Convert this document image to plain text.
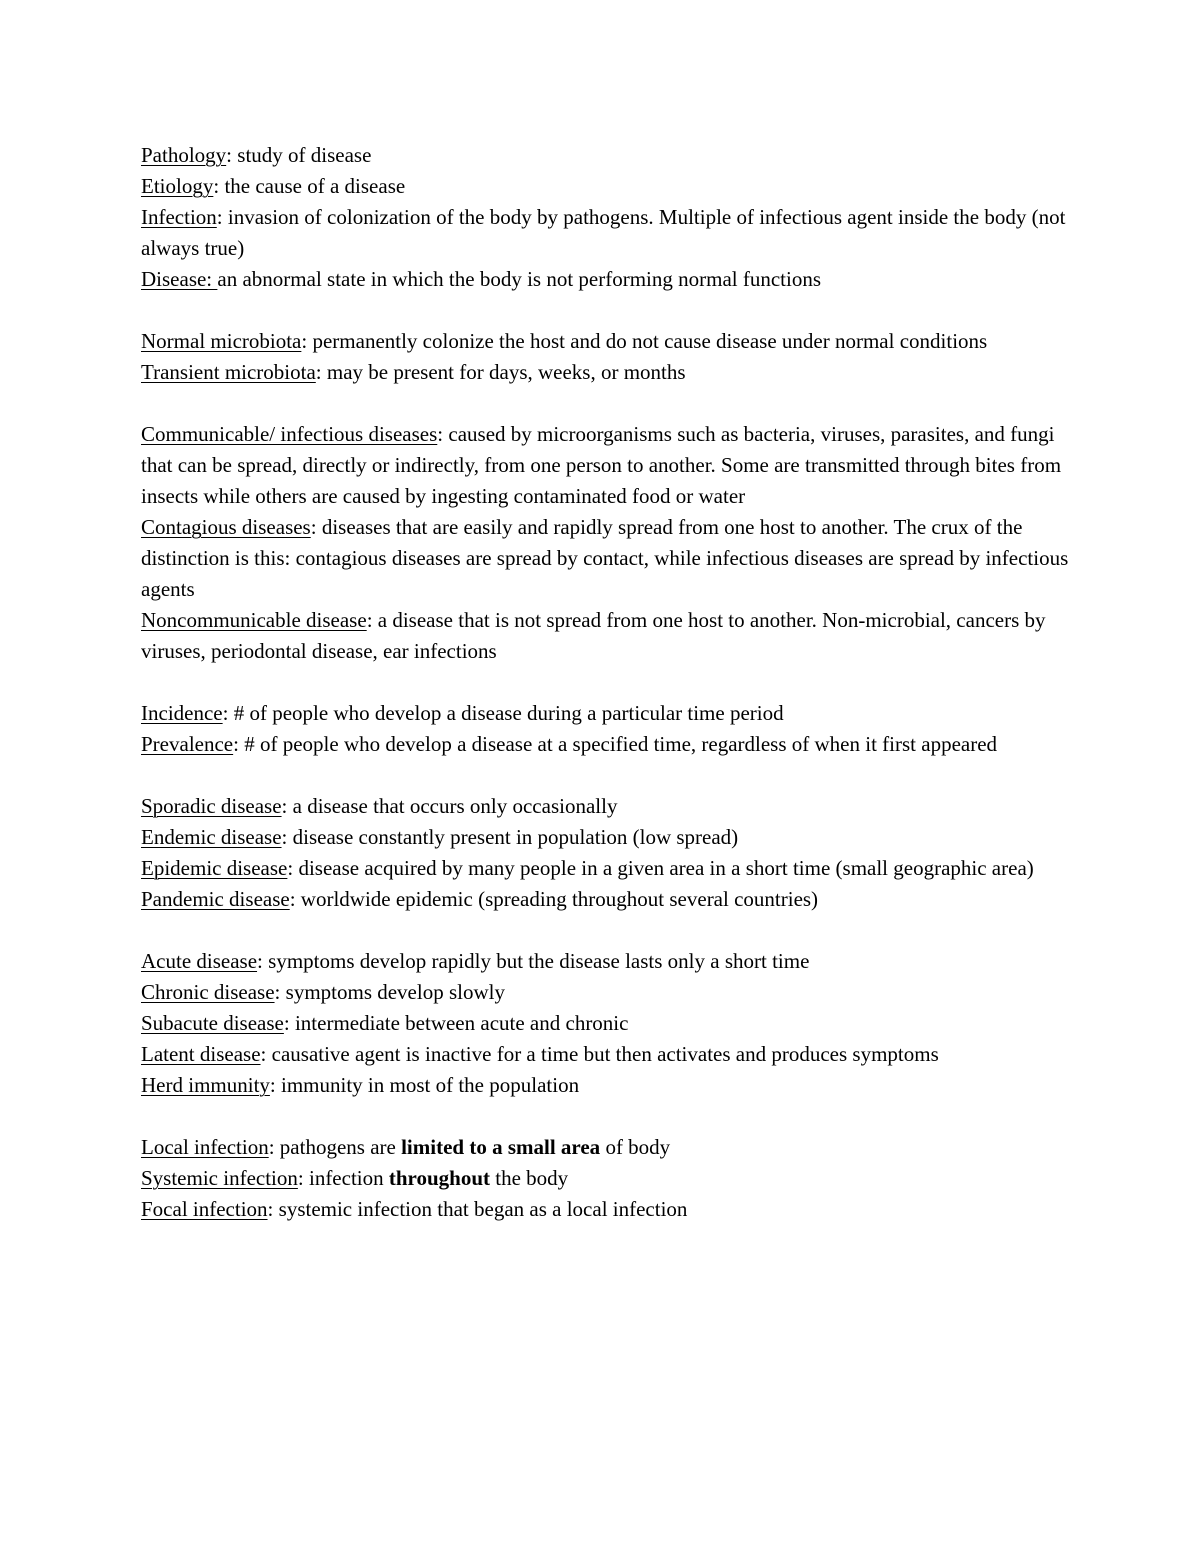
Pathology: study of disease

Etiology: the cause of a disease

Infection: invasion of colonization of the body by pathogens. Multiple of infectious agent inside the body (not always true)

Disease: an abnormal state in which the body is not performing normal functions

Normal microbiota: permanently colonize the host and do not cause disease under normal conditions

Transient microbiota: may be present for days, weeks, or months

Communicable/ infectious diseases: caused by microorganisms such as bacteria, viruses, parasites, and fungi that can be spread, directly or indirectly, from one person to another. Some are transmitted through bites from insects while others are caused by ingesting contaminated food or water

Contagious diseases: diseases that are easily and rapidly spread from one host to another. The crux of the distinction is this: contagious diseases are spread by contact, while infectious diseases are spread by infectious agents

Noncommunicable disease: a disease that is not spread from one host to another. Non-microbial, cancers by viruses, periodontal disease, ear infections

Incidence: # of people who develop a disease during a particular time period

Prevalence: # of people who develop a disease at a specified time, regardless of when it first appeared

Sporadic disease: a disease that occurs only occasionally

Endemic disease: disease constantly present in population (low spread)

Epidemic disease: disease acquired by many people in a given area in a short time (small geographic area)

Pandemic disease: worldwide epidemic (spreading throughout several countries)

Acute disease: symptoms develop rapidly but the disease lasts only a short time

Chronic disease: symptoms develop slowly

Subacute disease: intermediate between acute and chronic

Latent disease: causative agent is inactive for a time but then activates and produces symptoms

Herd immunity: immunity in most of the population

Local infection: pathogens are limited to a small area of body

Systemic infection: infection throughout the body

Focal infection: systemic infection that began as a local infection
